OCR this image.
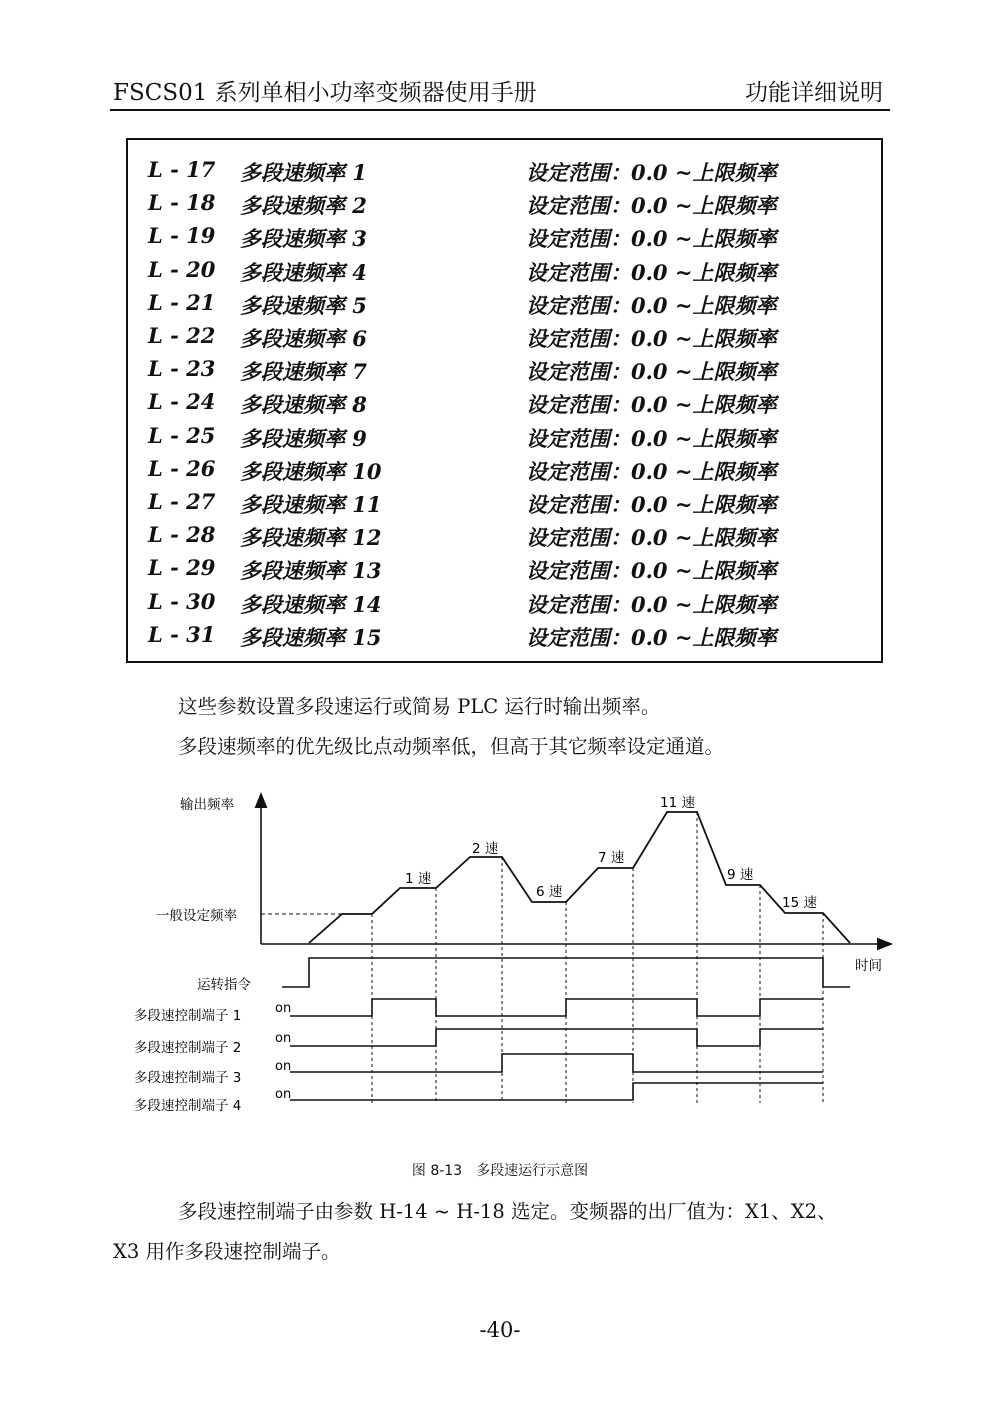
FSCS01 系列单相小功率变频器使用手册	功能详细说明
L - 17 多段速频率 1	设定范围：0.0 ~上限频率
L - 18 多段速频率 2	设定范围：0.0 ~上限频率
L - 19 多段速频率 3	设定范围：0.0 ~上限频率
L - 20 多段速频率 4	设定范围：0.0 ~上限频率
L - 21 多段速频率 5	设定范围：0.0 ~上限频率
L - 22 多段速频率 6	设定范围：0.0 ~上限频率
L - 23 多段速频率 7	设定范围：0.0 ~上限频率
L - 24 多段速频率 8	设定范围：0.0 ~上限频率
L - 25 多段速频率 9	设定范围：0.0 ~上限频率
L - 26 多段速频率 10	设定范围：0.0 ~上限频率
L - 27 多段速频率 11	设定范围：0.0 ~上限频率
L - 28 多段速频率 12	设定范围：0.0 ~上限频率
L - 29 多段速频率 13	设定范围：0.0 ~上限频率
L - 30 多段速频率 14	设定范围：0.0 ~上限频率
L - 31 多段速频率 15	设定范围：0.0 ~上限频率
这些参数设置多段速运行或简易 PLC 运行时输出频率。
多段速频率的优先级比点动频率低，但高于其它频率设定通道。
输出频率
时间
一般设定频率
1 速
2 速
6 速
7 速
11 速
9 速
15 速
运转指令
多段速控制端子 1	on
多段速控制端子 2
on
多段速控制端子 3
on
多段速控制端子 4
on
图 8-13　多段速运行示意图
多段速控制端子由参数 H-14 ~ H-18 选定。变频器的出厂值为：X1、X2、
X3 用作多段速控制端子。
-40-
